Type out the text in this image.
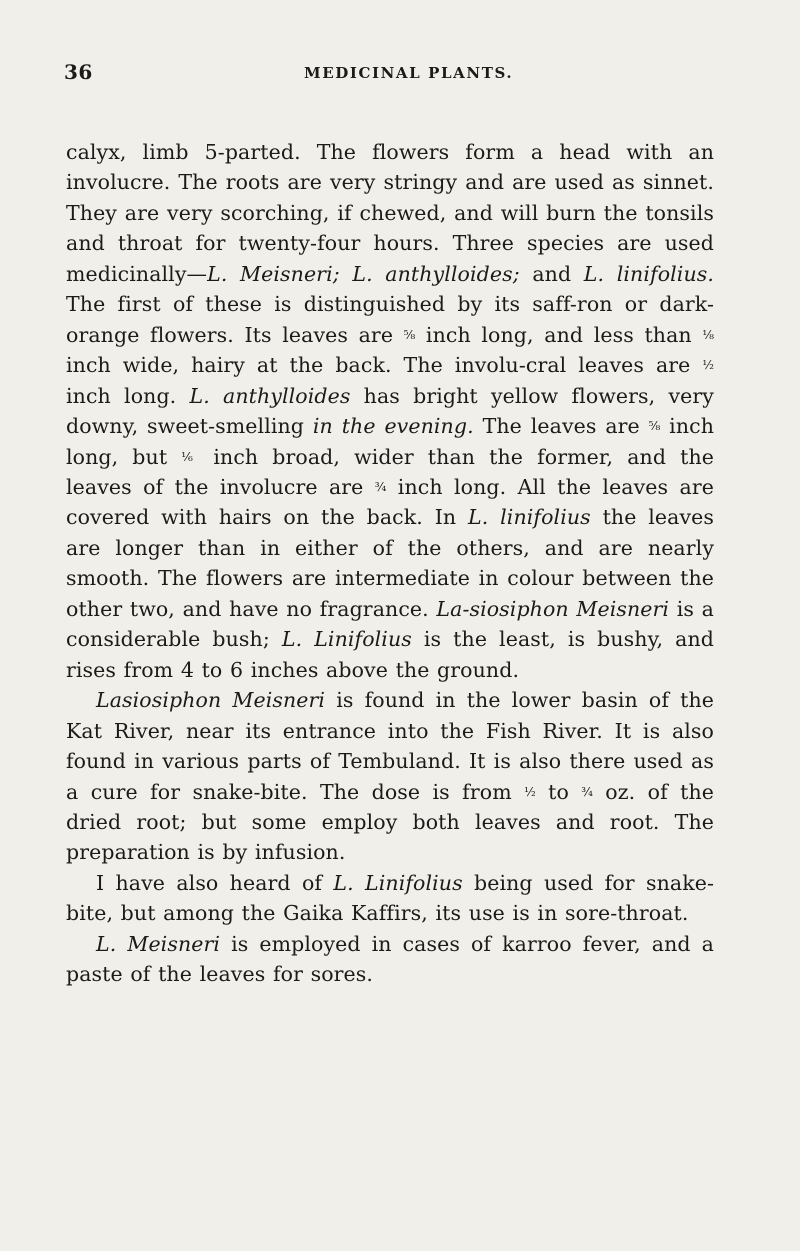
36	MEDICINAL PLANTS.

calyx, limb 5-parted. The flowers form a head with an involucre. The roots are very stringy and are used as sinnet. They are very scorching, if chewed, and will burn the tonsils and throat for twenty-four hours. Three species are used medicinally—L. Meisneri; L. anthylloides; and L. linifolius. The first of these is distinguished by its saff-ron or dark-orange flowers. Its leaves are ⅝ inch long, and less than ⅛ inch wide, hairy at the back. The involu-cral leaves are ½ inch long. L. anthylloides has bright yellow flowers, very downy, sweet-smelling in the evening. The leaves are ⅝ inch long, but ⅙ inch broad, wider than the former, and the leaves of the involucre are ¾ inch long. All the leaves are covered with hairs on the back. In L. linifolius the leaves are longer than in either of the others, and are nearly smooth. The flowers are intermediate in colour between the other two, and have no fragrance. La-siosiphon Meisneri is a considerable bush; L. Linifolius is the least, is bushy, and rises from 4 to 6 inches above the ground.

Lasiosiphon Meisneri is found in the lower basin of the Kat River, near its entrance into the Fish River. It is also found in various parts of Tembuland. It is also there used as a cure for snake-bite. The dose is from ½ to ¾ oz. of the dried root; but some employ both leaves and root. The preparation is by infusion.

I have also heard of L. Linifolius being used for snake-bite, but among the Gaika Kaffirs, its use is in sore-throat.

L. Meisneri is employed in cases of karroo fever, and a paste of the leaves for sores.
